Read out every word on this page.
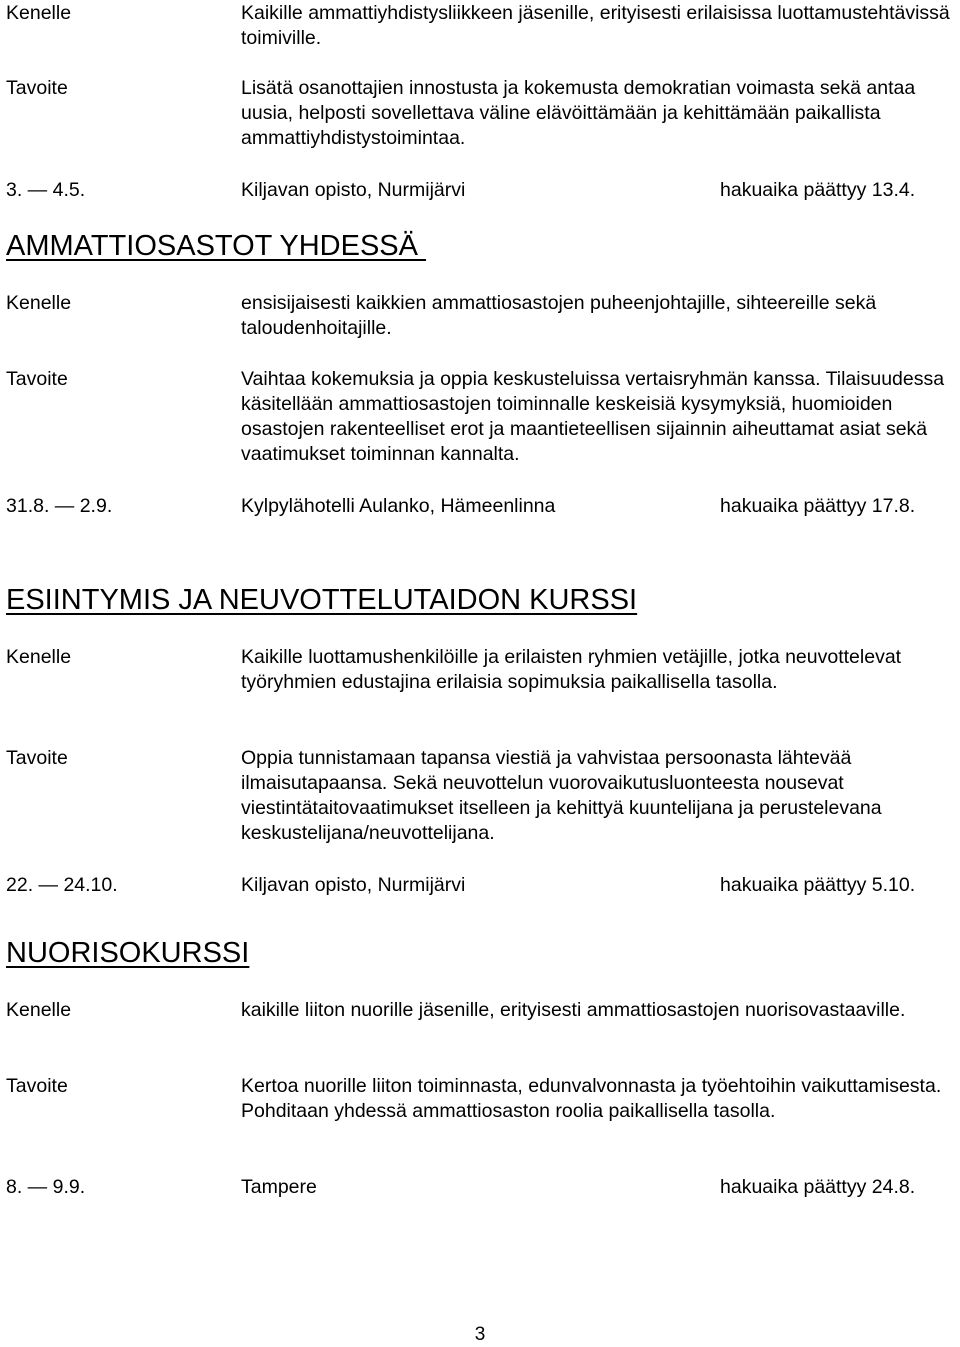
Kenelle	Kaikille ammattiyhdistysliikkeen jäsenille, erityisesti erilaisissa luottamustehtävissä toimiville.
Tavoite	Lisätä osanottajien innostusta ja kokemusta demokratian voimasta sekä antaa uusia, helposti sovellettava väline elävöittämään ja kehittämään paikallista ammattiyhdistystoimintaa.
3. — 4.5.	Kiljavan opisto, Nurmijärvi	hakuaika päättyy 13.4.
AMMATTIOSASTOT YHDESSÄ
Kenelle	ensisijaisesti kaikkien ammattiosastojen puheenjohtajille, sihteereille sekä taloudenhoitajille.
Tavoite	Vaihtaa kokemuksia ja oppia keskusteluissa vertaisryhmän kanssa. Tilaisuudessa käsitellään ammattiosastojen toiminnalle keskeisiä kysymyksiä, huomioiden osastojen rakenteelliset erot ja maantieteellisen sijainnin aiheuttamat asiat sekä vaatimukset toiminnan kannalta.
31.8. — 2.9.	Kylpylähotelli Aulanko, Hämeenlinna	hakuaika päättyy 17.8.
ESIINTYMIS JA NEUVOTTELUTAIDON KURSSI
Kenelle	Kaikille luottamushenkilöille ja erilaisten ryhmien vetäjille, jotka neuvottelevat työryhmien edustajina erilaisia sopimuksia paikallisella tasolla.
Tavoite	Oppia tunnistamaan tapansa viestiä ja vahvistaa persoonasta lähtevää ilmaisutapaansa. Sekä neuvottelun vuorovaikutusluonteesta nousevat viestintätaitovaatimukset itselleen ja kehittyä kuuntelijana ja perustelevana keskustelijana/neuvottelijana.
22. — 24.10.	Kiljavan opisto, Nurmijärvi	hakuaika päättyy 5.10.
NUORISOKURSSI
Kenelle	kaikille liiton nuorille jäsenille, erityisesti ammattiosastojen nuorisovastaaville.
Tavoite	Kertoa nuorille liiton toiminnasta, edunvalvonnasta ja työehtoihin vaikuttamisesta. Pohditaan yhdessä ammattiosaston roolia paikallisella tasolla.
8. — 9.9.	Tampere	hakuaika päättyy 24.8.
3
